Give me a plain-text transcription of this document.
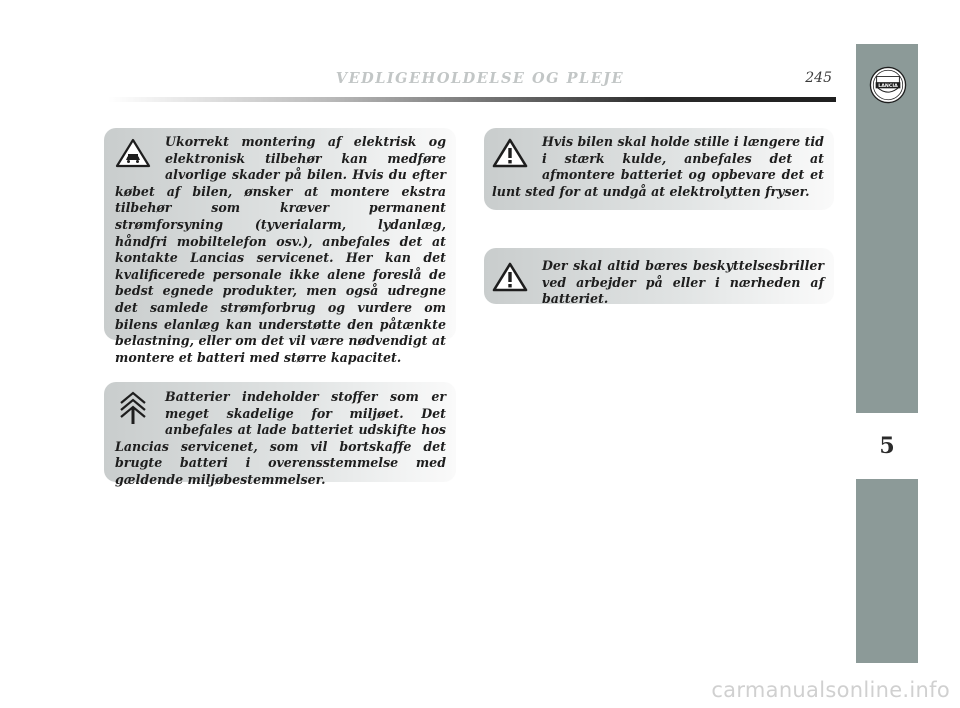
VEDLIGEHOLDELSE OG PLEJE	245
LANCIA
5

Ukorrekt montering af elektrisk og elektronisk tilbehør kan medføre alvorlige skader på bilen. Hvis du efter købet af bilen, ønsker at montere ekstra tilbehør som kræver permanent strømforsyning (tyverialarm, lydanlæg, håndfri mobiltelefon osv.), anbefales det at kontakte Lancias servicenet. Her kan det kvalificerede personale ikke alene foreslå de bedst egnede produkter, men også udregne det samlede strømforbrug og vurdere om bilens elanlæg kan understøtte den påtænkte belastning, eller om det vil være nødvendigt at montere et batteri med større kapacitet.

Batterier indeholder stoffer som er meget skadelige for miljøet. Det anbefales at lade batteriet udskifte hos Lancias servicenet, som vil bortskaffe det brugte batteri i overensstemmelse med gældende miljøbestemmelser.

Hvis bilen skal holde stille i længere tid i stærk kulde, anbefales det at afmontere batteriet og opbevare det et lunt sted for at undgå at elektrolytten fryser.

Der skal altid bæres beskyttelsesbriller ved arbejder på eller i nærheden af batteriet.

carmanualsonline.info
